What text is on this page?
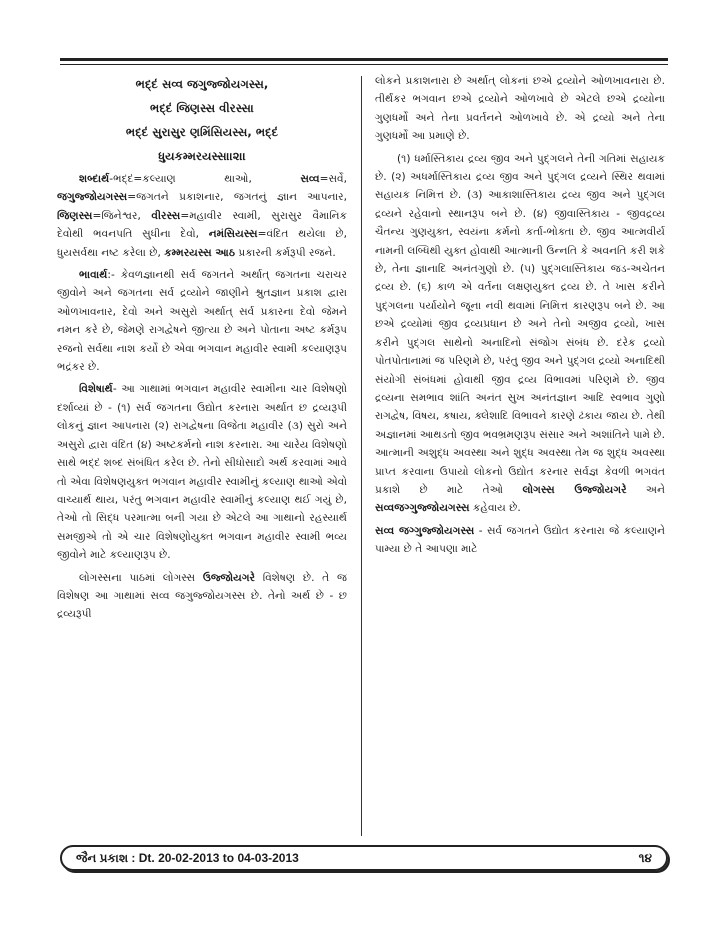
ભદ્દં સવ્વ જગુજ્જોયગસ્સ,
ભદ્દં જિણસ્સ વીરસ્સ।
ભદ્દં સુરાસુર ણમિંસિયસ્સ, ભદ્દં
ધુયકમ્મરયસ્સ।।૨।।

શબ્દાર્થ-ભદ્દં=કલ્યાણ થાઓ, સવ્વ=સર્વે, જગુજ્જોયગસ્સ=જગતને પ્રકાશનાર, જગતનું જ્ઞાન આપનાર, જિણસ્સ=જિનેશ્વર, વીરસ્સ=મહાવીર સ્વામી, સુરાસુર વૈમાનિક દેવોથી ભવનપતિ સુધીના દેવો, નમંસિયસ્સ=વંદિત થયેલા છે, ધુયસર્વથા નષ્ટ કરેલા છે, કમ્મરયસ્સ આઠ પ્રકારની કર્મરૂપી રજને.

ભાવાર્થ:- કેવળજ્ઞાનથી સર્વ જગતને અર્થાત્ જગતના ચરાચર જીવોને અને જગતના સર્વ દ્રવ્યોને જાણીને શ્રુતજ્ઞાન પ્રકાશ દ્વારા ઓળખાવનાર, દેવો અને અસુરો અર્થાત્ સર્વ પ્રકારના દેવો જેમને નમન કરે છે, જેમણે રાગદ્વેષને જીત્યા છે અને પોતાના અષ્ટ કર્મરૂપ રજનો સર્વથા નાશ કર્યો છે એવા ભગવાન મહાવીર સ્વામી કલ્યાણરૂપ ભદ્રંકર છે.

વિશેષાર્થ- આ ગાથામાં ભગવાન મહાવીર સ્વામીના ચાર વિશેષણો દર્શાવ્યાં છે - (૧) સર્વ જગતના ઉદ્યોત કરનારા અર્થાત છ દ્રવ્યરૂપી લોકનું જ્ઞાન આપનારા (૨) રાગદ્વેષના વિજેતા મહાવીર (૩) સુરો અને અસુરો દ્વારા વંદિત (૪) અષ્ટકર્મનો નાશ કરનારા. આ ચારેય વિશેષણો સાથે ભદ્દં શબ્દ સંબંધિત કરેલ છે. તેનો સીધોસાદો અર્થ કરવામાં આવે તો એવા વિશેષણયુક્ત ભગવાન મહાવીર સ્વામીનું કલ્યાણ થાઓ એવો વાચ્યાર્થ થાય, પરંતુ ભગવાન મહાવીર સ્વામીનું કલ્યાણ થઈ ગયું છે, તેઓ તો સિદ્ધ પરમાત્મા બની ગયા છે એટલે આ ગાથાનો રહસ્યાર્થ સમજીએ તો એ ચાર વિશેષણોયુક્ત ભગવાન મહાવીર સ્વામી ભવ્ય જીવોને માટે કલ્યાણરૂપ છે.

લોગસ્સના પાઠમાં લોગસ્સ ઉજ્જોયગરે વિશેષણ છે. તે જ વિશેષણ આ ગાથામાં સવ્વ જગુજ્જોયગસ્સ છે. તેનો અર્થ છે - છ દ્રવ્યરૂપી

લોકને પ્રકાશનારા છે અર્થાત્ લોકનાં છએ દ્રવ્યોને ઓળખાવનારા છે. તીર્થંકર ભગવાન છએ દ્રવ્યોને ઓળખાવે છે એટલે છએ દ્રવ્યોના ગુણધર્મો અને તેના પ્રવર્તનને ઓળખાવે છે. એ દ્રવ્યો અને તેના ગુણધર્મો આ પ્રમાણે છે.

(૧) ધર્માસ્તિકાય દ્રવ્ય જીવ અને પુદ્ગલને તેની ગતિમાં સહાયક છે. (૨) અધર્માસ્તિકાય દ્રવ્ય જીવ અને પુદ્ગલ દ્રવ્યને સ્થિર થવામાં સહાયક નિમિત્ત છે. (૩) આકાશાસ્તિકાય દ્રવ્ય જીવ અને પુદ્ગલ દ્રવ્યને રહેવાનો સ્થાનરૂપ બને છે. (૪) જીવાસ્તિકાય - જીવદ્રવ્ય ચૈતન્ય ગુણયુક્ત, સ્વયંના કર્મનો કર્તા-ભોક્તા છે. જીવ આત્મવીર્ય નામની લબ્ધિથી યુક્ત હોવાથી આત્માની ઉન્નતિ કે અવનતિ કરી શકે છે, તેના જ્ઞાનાદિ અનંતગુણો છે. (૫) પુદ્ગલાસ્તિકાય જડ-અચેતન દ્રવ્ય છે. (૬) કાળ એ વર્તના લક્ષણયુક્ત દ્રવ્ય છે. તે ખાસ કરીને પુદ્ગલના પર્યાયોને જૂના નવી થવામાં નિમિત્ત કારણરૂપ બને છે. આ છએ દ્રવ્યોમાં જીવ દ્રવ્યપ્રધાન છે અને તેનો અજીવ દ્રવ્યો, ખાસ કરીને પુદ્ગલ સાથેનો અનાદિનો સંજોગ સંબંધ છે. દરેક દ્રવ્યો પોતપોતાનામાં જ પરિણમે છે, પરંતુ જીવ અને પુદ્ગલ દ્રવ્યો અનાદિથી સંયોગી સંબંધમાં હોવાથી જીવ દ્રવ્ય વિભાવમાં પરિણમે છે. જીવ દ્રવ્યના સમભાવ શાંતિ અનંત સુખ અનંતજ્ઞાન આદિ સ્વભાવ ગુણો રાગદ્વેષ, વિષય, કષાય, ક્લેશાદિ વિભાવને કારણે ઢંકાય જાય છે. તેથી અજ્ઞાનમાં આથડતો જીવ ભવભ્રમણરૂપ સંસાર અને અશાંતિને પામે છે. આત્માની અશુદ્ધ અવસ્થા અને શુદ્ધ અવસ્થા તેમ જ શુદ્ધ અવસ્થા પ્રાપ્ત કરવાના ઉપાયો લોકનો ઉદ્યોત કરનાર સર્વજ્ઞ કેવળી ભગવંત પ્રકાશે છે માટે તેઓ લોગસ્સ ઉજ્જોયગરે અને સવ્વજગ્ગુજ્જોયગસ્સ કહેવાય છે.

સવ્વ જગ્ગુજ્જોયગસ્સ - સર્વ જગતને ઉદ્યોત કરનારા જે કલ્યાણને પામ્યા છે તે આપણા માટે

જૈન પ્રકાશ : Dt. 20-02-2013 to 04-03-2013	૧૪
